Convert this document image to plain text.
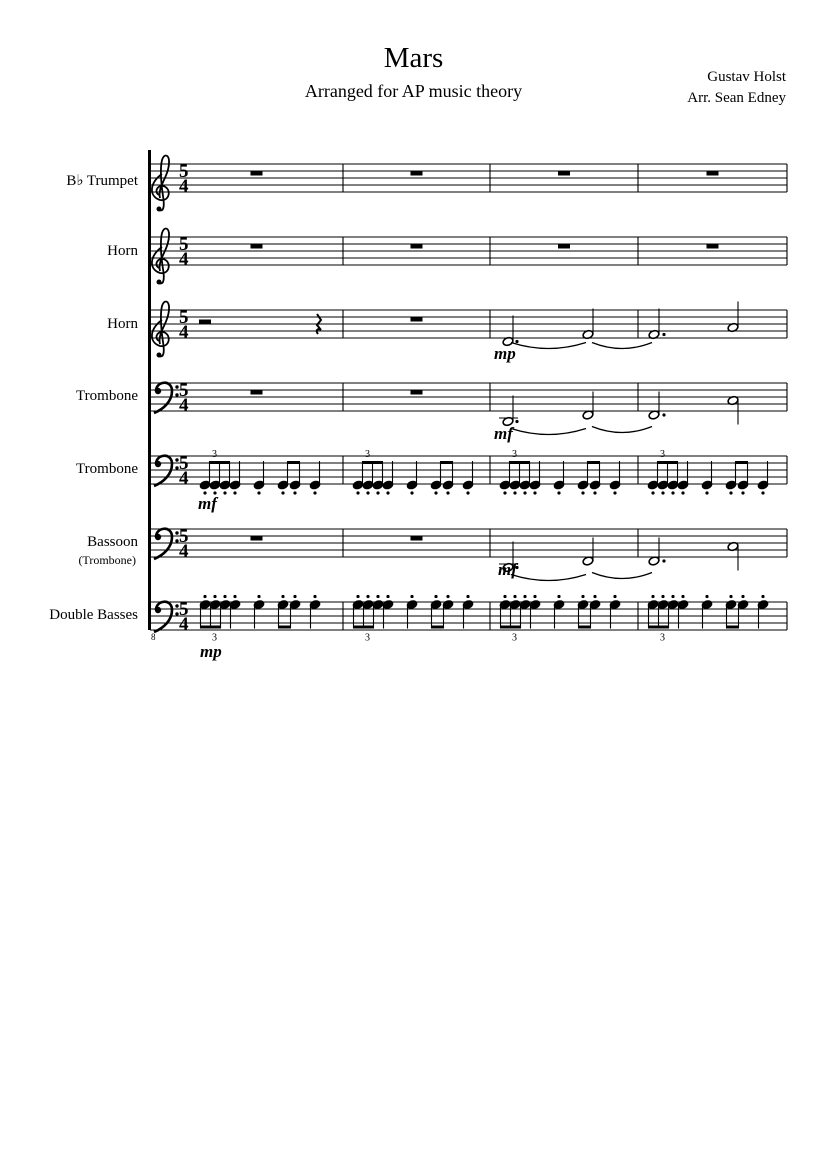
Mars
Arranged for AP music theory
Gustav Holst
Arr. Sean Edney
B♭ Trumpet
Horn
Horn
Trombone
Trombone
Bassoon
(Trombone)
Double Basses
5
4
5
4
5
4
5
4
5
4
5
4
5
4
mp
mf
mf
3	3	3	3
3	3	3	3
mf
mp
8
